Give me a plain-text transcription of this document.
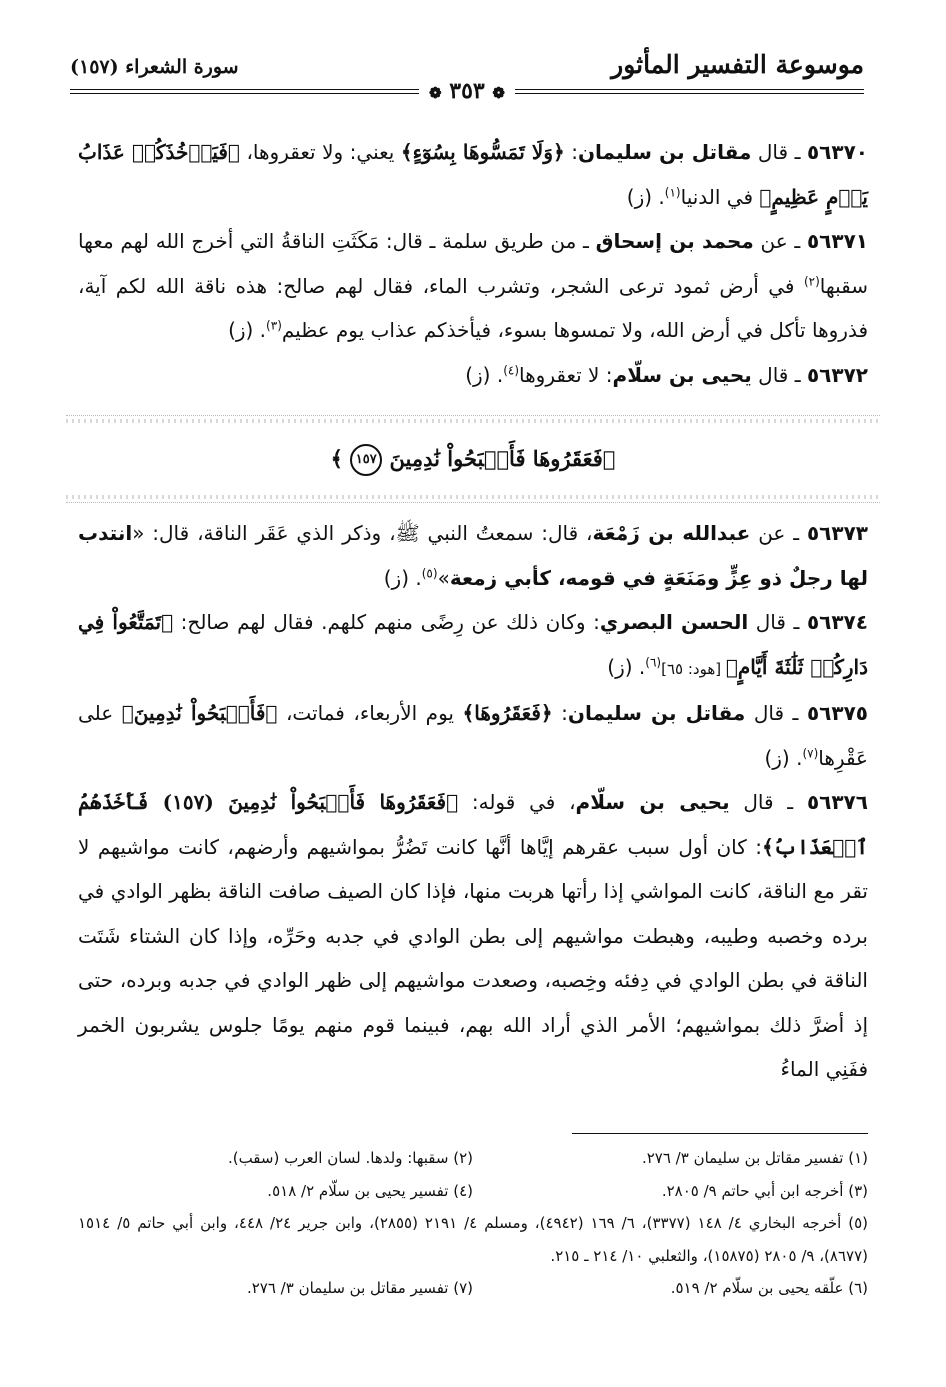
موسوعة التفسير المأثور
سورة الشعراء (١٥٧)
❁ ٣٥٣ ❁

٥٦٣٧٠ ـ قال مقاتل بن سليمان: ﴿وَلَا تَمَسُّوهَا بِسُوٓءٍ﴾ يعني: ولا تعقروها، ﴿فَيَأۡخُذَكُمۡ عَذَابُ يَوۡمٍ عَظِيمٍ﴾ في الدنيا$^{(١)}$. (ز)

٥٦٣٧١ ـ عن محمد بن إسحاق ـ من طريق سلمة ـ قال: مَكَثَتِ الناقةُ التي أخرج الله لهم معها سقبها$^{(٢)}$ في أرض ثمود ترعى الشجر، وتشرب الماء، فقال لهم صالح: هذه ناقة الله لكم آية، فذروها تأكل في أرض الله، ولا تمسوها بسوء، فيأخذكم عذاب يوم عظيم$^{(٣)}$. (ز)

٥٦٣٧٢ ـ قال يحيى بن سلّام: لا تعقروها$^{(٤)}$. (ز)

﴿فَعَقَرُوهَا فَأَصۡبَحُواْ نَٰدِمِينَ ١٥٧ ﴾

٥٦٣٧٣ ـ عن عبدالله بن زَمْعَة، قال: سمعتُ النبي ﷺ، وذكر الذي عَقَر الناقة، قال: «انتدب لها رجلٌ ذو عِزٍّ ومَنَعَةٍ في قومه، كأبي زمعة»$^{(٥)}$. (ز)

٥٦٣٧٤ ـ قال الحسن البصري: وكان ذلك عن رِضًى منهم كلهم. فقال لهم صالح: ﴿تَمَتَّعُواْ فِي دَارِكُمۡ ثَلَٰثَةَ أَيَّامٍ﴾ [هود: ٦٥]$^{(٦)}$. (ز)

٥٦٣٧٥ ـ قال مقاتل بن سليمان: ﴿فَعَقَرُوهَا﴾ يوم الأربعاء، فماتت، ﴿فَأَصۡبَحُواْ نَٰدِمِينَ﴾ على عَقْرِها$^{(٧)}$. (ز)

٥٦٣٧٦ ـ قال يحيى بن سلّام، في قوله: ﴿فَعَقَرُوهَا فَأَصۡبَحُواْ نَٰدِمِينَ (١٥٧) فَأَخَذَهُمُ ٱلۡعَذَابُ﴾: كان أول سبب عقرهم إيَّاها أنَّها كانت تَضُرُّ بمواشيهم وأرضهم، كانت مواشيهم لا تقر مع الناقة، كانت المواشي إذا رأتها هربت منها، فإذا كان الصيف صافت الناقة بظهر الوادي في برده وخصبه وطيبه، وهبطت مواشيهم إلى بطن الوادي في جدبه وحَرِّه، وإذا كان الشتاء شَتَت الناقة في بطن الوادي في دِفئه وخِصبه، وصعدت مواشيهم إلى ظهر الوادي في جدبه وبرده، حتى إذ أضرَّ ذلك بمواشيهم؛ الأمر الذي أراد الله بهم، فبينما قوم منهم يومًا جلوس يشربون الخمر ففَنِي الماءُ

(١) تفسير مقاتل بن سليمان ٣/ ٢٧٦.
(٢) سقبها: ولدها. لسان العرب (سقب).
(٣) أخرجه ابن أبي حاتم ٩/ ٢٨٠٥.
(٤) تفسير يحيى بن سلّام ٢/ ٥١٨.
(٥) أخرجه البخاري ٤/ ١٤٨ (٣٣٧٧)، ٦/ ١٦٩ (٤٩٤٢)، ومسلم ٤/ ٢١٩١ (٢٨٥٥)، وابن جرير ٢٤/ ٤٤٨، وابن أبي حاتم ٥/ ١٥١٤ (٨٦٧٧)، ٩/ ٢٨٠٥ (١٥٨٧٥)، والثعلبي ١٠/ ٢١٤ ـ ٢١٥.
(٦) علّقه يحيى بن سلّام ٢/ ٥١٩.
(٧) تفسير مقاتل بن سليمان ٣/ ٢٧٦.
